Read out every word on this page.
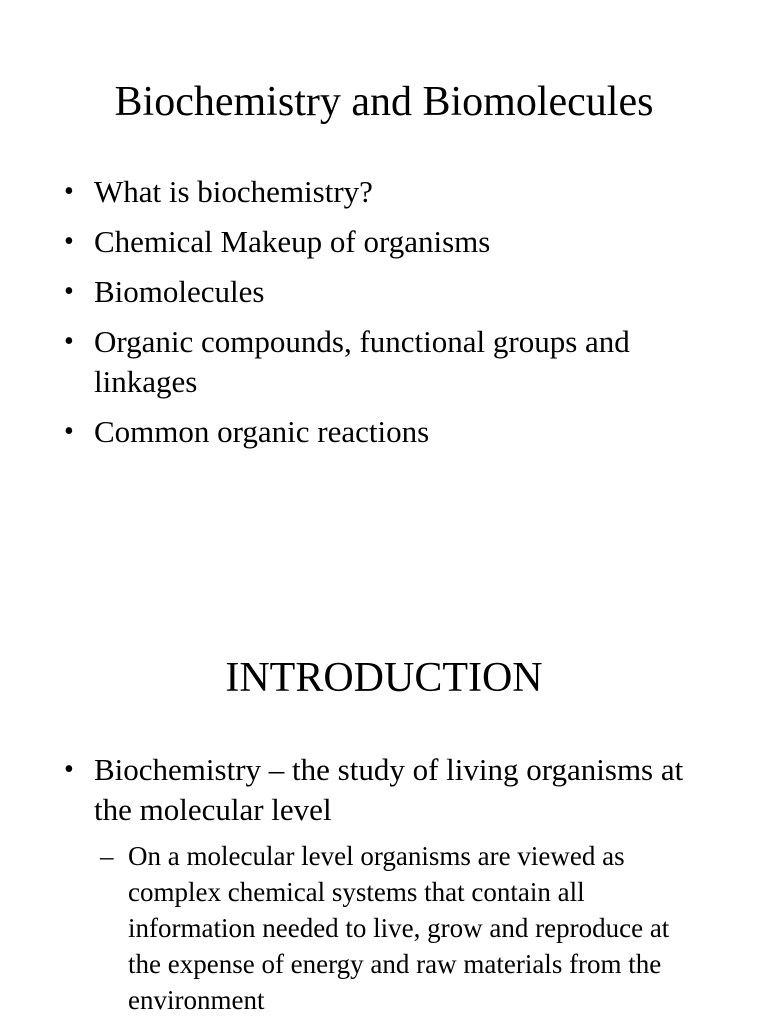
Biochemistry and Biomolecules
• What is biochemistry?
• Chemical Makeup of organisms
• Biomolecules
• Organic compounds, functional groups and linkages
• Common organic reactions
INTRODUCTION
• Biochemistry – the study of living organisms at the molecular level
– On a molecular level organisms are viewed as complex chemical systems that contain all information needed to live, grow and reproduce at the expense of energy and raw materials from the environment
